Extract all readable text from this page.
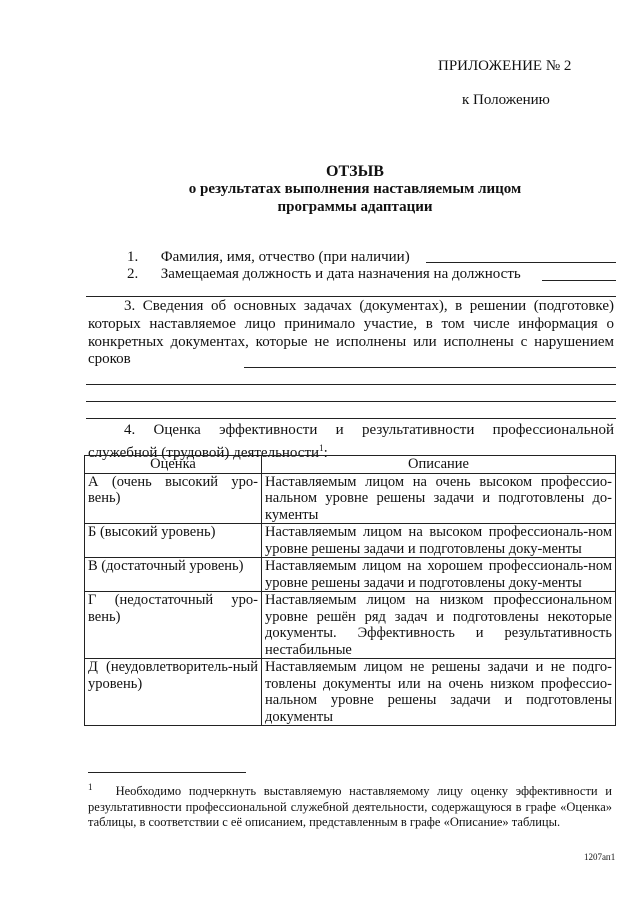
ПРИЛОЖЕНИЕ № 2
к Положению
ОТЗЫВ
о результатах выполнения наставляемым лицом
программы адаптации
1. Фамилия, имя, отчество (при наличии)
2. Замещаемая должность и дата назначения на должность
3. Сведения об основных задачах (документах), в решении (подготовке) которых наставляемое лицо принимало участие, в том числе информация о конкретных документах, которые не исполнены или исполнены с нарушением сроков
4. Оценка эффективности и результативности профессиональной служебной (трудовой) деятельности$^1$:
Оценка	Описание
А (очень высокий уро-вень)	Наставляемым лицом на очень высоком профессио-нальном уровне решены задачи и подготовлены до-кументы
Б (высокий уровень)	Наставляемым лицом на высоком профессиональ-ном уровне решены задачи и подготовлены доку-менты
В (достаточный уровень)	Наставляемым лицом на хорошем профессиональ-ном уровне решены задачи и подготовлены доку-менты
Г (недостаточный уро-вень)	Наставляемым лицом на низком профессиональном уровне решён ряд задач и подготовлены некоторые документы. Эффективность и результативность нестабильные
Д (неудовлетворитель-ный уровень)	Наставляемым лицом не решены задачи и не подго-товлены документы или на очень низком профессио-нальном уровне решены задачи и подготовлены документы
$^1$ Необходимо подчеркнуть выставляемую наставляемому лицу оценку эффективности и результативности профессиональной служебной деятельности, содержащуюся в графе «Оценка» таблицы, в соответствии с её описанием, представленным в графе «Описание» таблицы.
1207ап1
